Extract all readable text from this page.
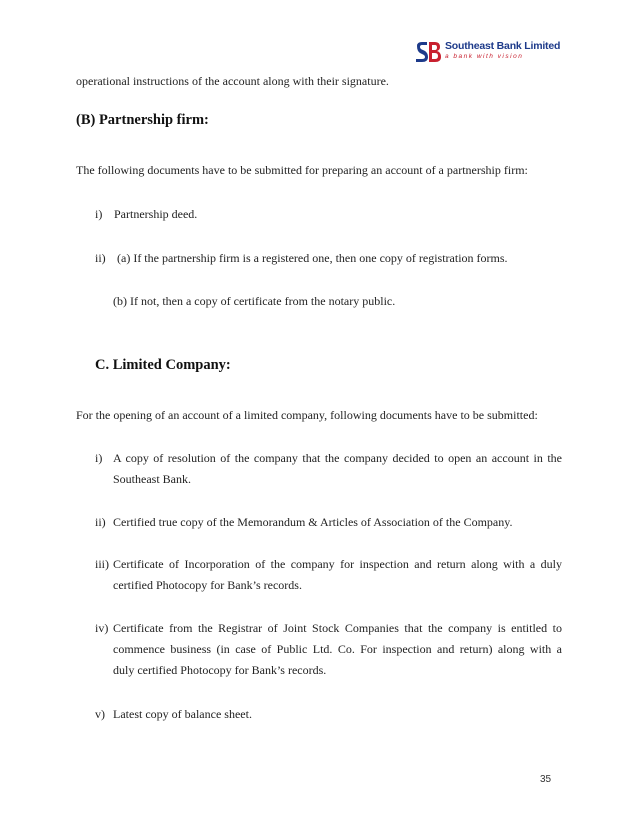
Southeast Bank Limited
a bank with vision
operational instructions of the account along with their signature.
(B) Partnership firm:
The following documents have to be submitted for preparing an account of a partnership firm:
i) Partnership deed.
ii) (a) If the partnership firm is a registered one, then one copy of registration forms.
(b) If not, then a copy of certificate from the notary public.
C. Limited Company:
For the opening of an account of a limited company, following documents have to be submitted:
i) A copy of resolution of the company that the company decided to open an account in the
Southeast Bank.
ii) Certified true copy of the Memorandum & Articles of Association of the Company.
iii) Certificate of Incorporation of the company for inspection and return along with a duly
certified Photocopy for Bank’s records.
iv) Certificate from the Registrar of Joint Stock Companies that the company is entitled to
commence business (in case of Public Ltd. Co. For inspection and return) along with a
duly certified Photocopy for Bank’s records.
v) Latest copy of balance sheet.
35
